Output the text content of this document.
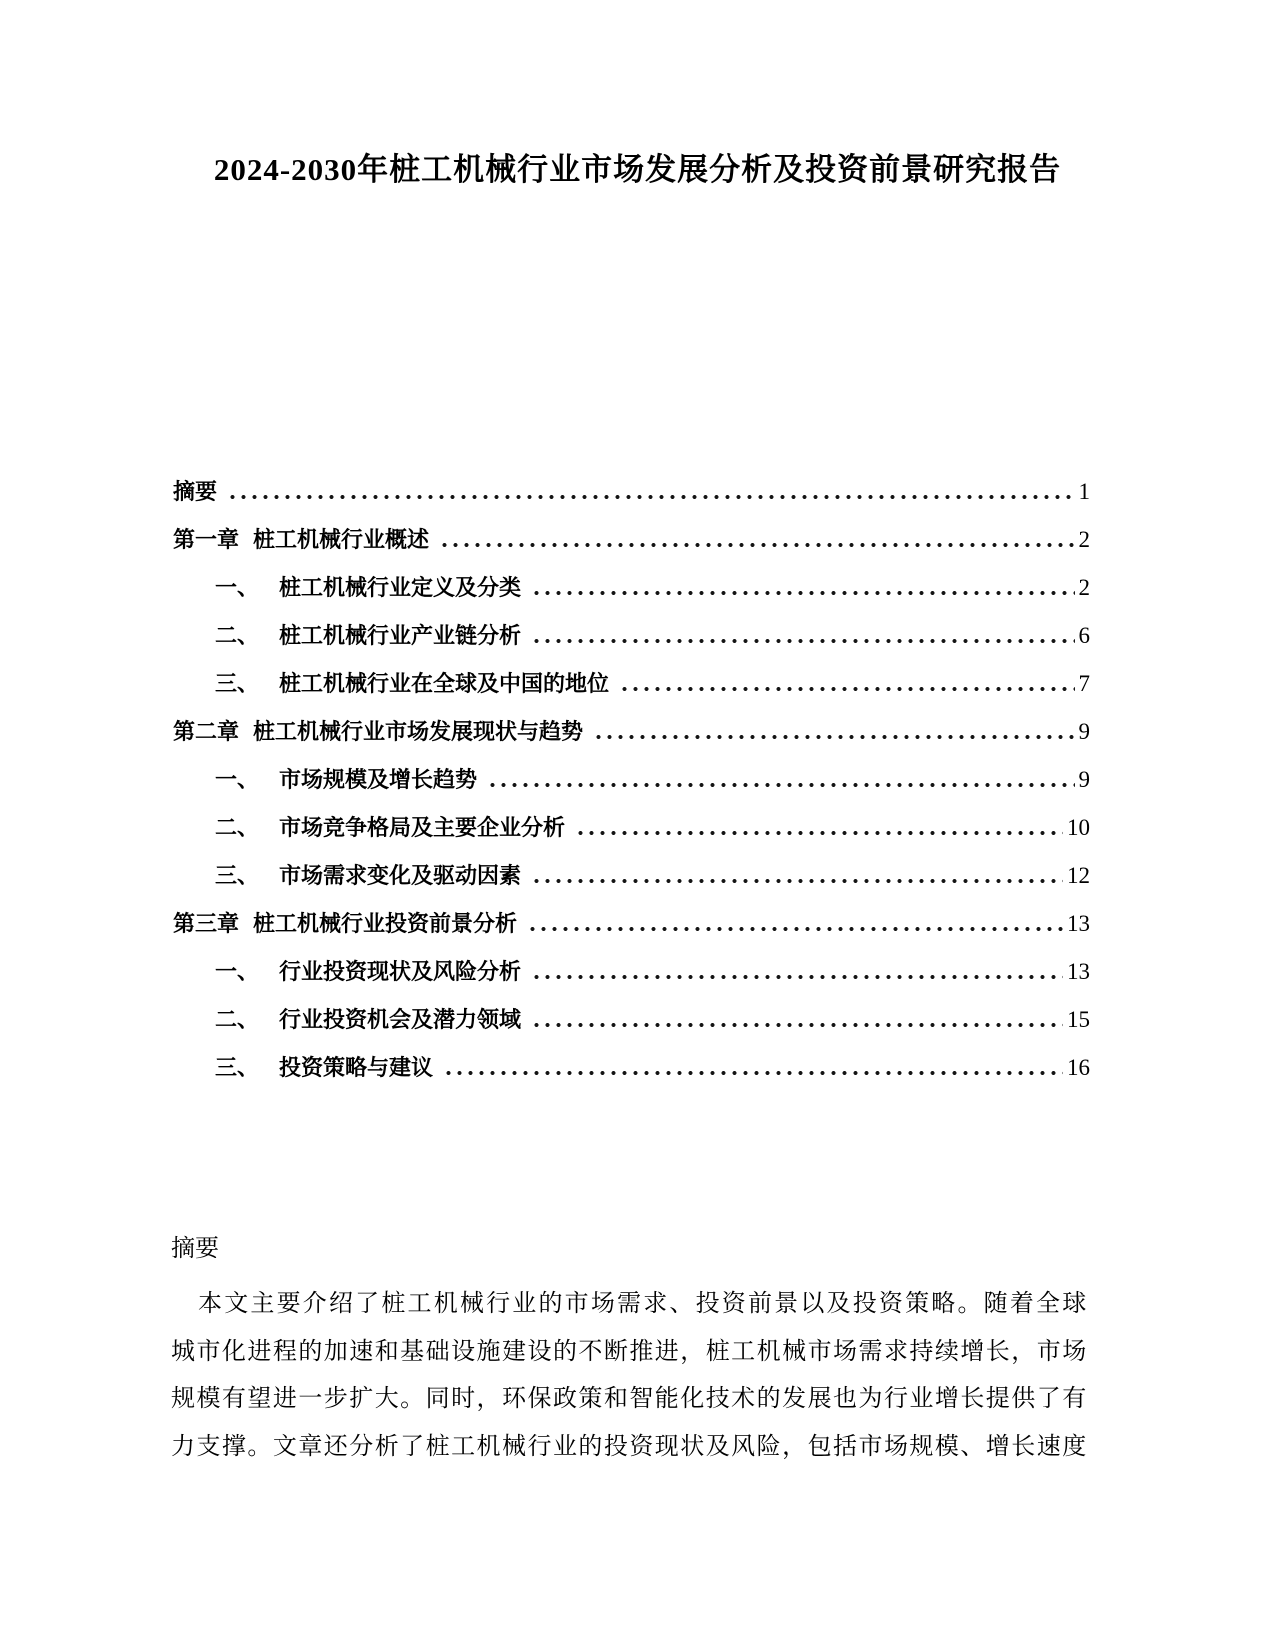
2024-2030年桩工机械行业市场发展分析及投资前景研究报告
摘要	1
第一章 桩工机械行业概述	2
一、 桩工机械行业定义及分类	2
二、 桩工机械行业产业链分析	6
三、 桩工机械行业在全球及中国的地位	7
第二章 桩工机械行业市场发展现状与趋势	9
一、 市场规模及增长趋势	9
二、 市场竞争格局及主要企业分析	10
三、 市场需求变化及驱动因素	12
第三章 桩工机械行业投资前景分析	13
一、 行业投资现状及风险分析	13
二、 行业投资机会及潜力领域	15
三、 投资策略与建议	16
摘要
本文主要介绍了桩工机械行业的市场需求、投资前景以及投资策略。随着全球
城市化进程的加速和基础设施建设的不断推进，桩工机械市场需求持续增长，市场
规模有望进一步扩大。同时，环保政策和智能化技术的发展也为行业增长提供了有
力支撑。文章还分析了桩工机械行业的投资现状及风险，包括市场规模、增长速度
